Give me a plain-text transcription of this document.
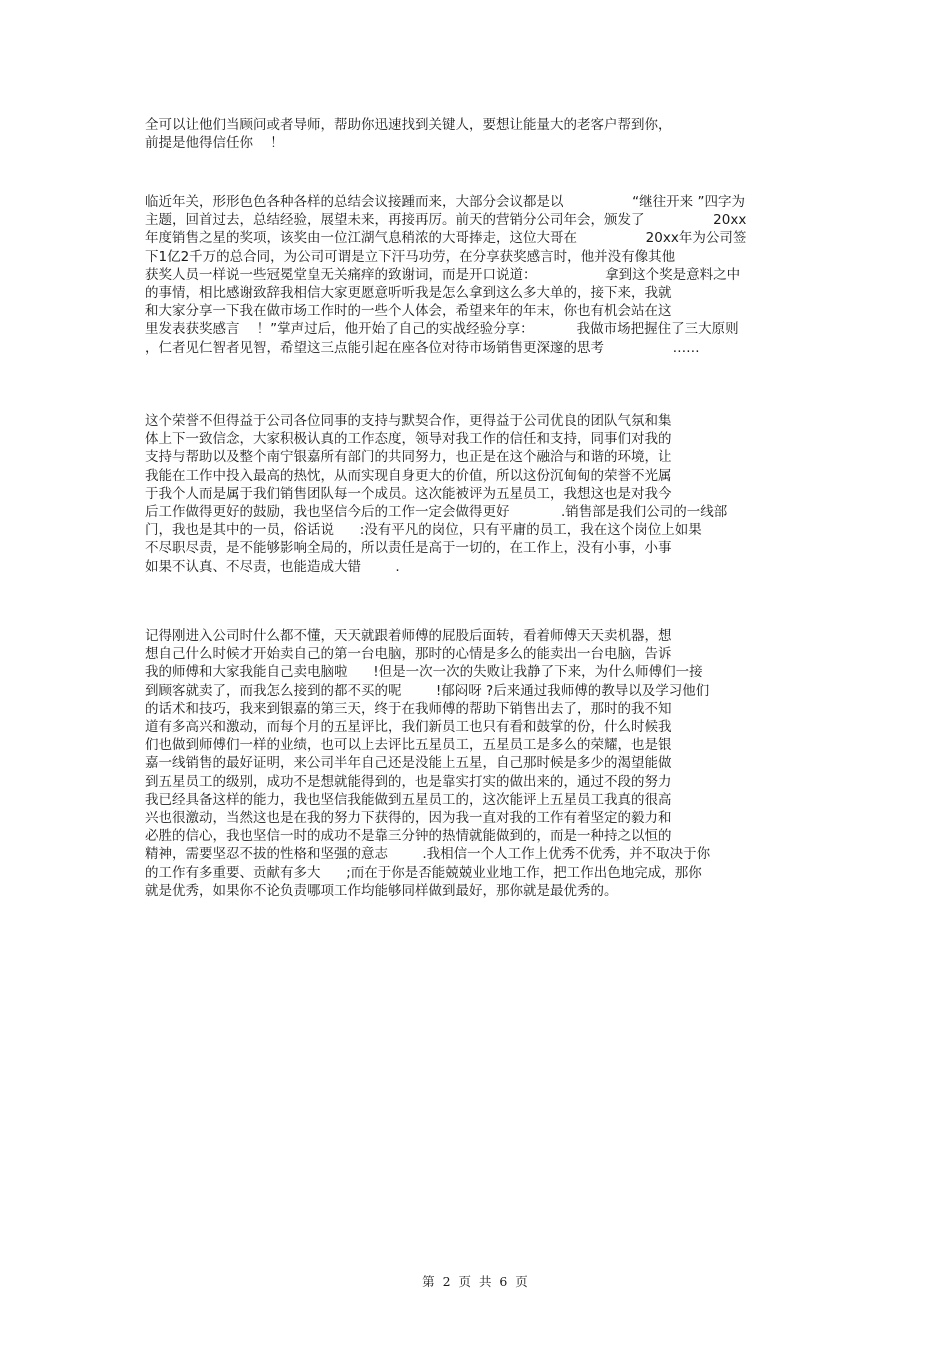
全可以让他们当顾问或者导师，帮助你迅速找到关键人，要想让能量大的老客户帮到你，
前提是他得信任你    ！
临近年关，形形色色各种各样的总结会议接踵而来，大部分会议都是以                “继往开来 ”四字为
主题，回首过去，总结经验，展望未来，再接再厉。前天的营销分公司年会，颁发了                20xx
年度销售之星的奖项，该奖由一位江湖气息稍浓的大哥捧走，这位大哥在                20xx年为公司签
下1亿2千万的总合同，为公司可谓是立下汗马功劳，在分享获奖感言时，他并没有像其他
获奖人员一样说一些冠冕堂皇无关痛痒的致谢词，而是开口说道：                拿到这个奖是意料之中
的事情，相比感谢致辞我相信大家更愿意听听我是怎么拿到这么多大单的，接下来，我就
和大家分享一下我在做市场工作时的一些个人体会，希望来年的年末，你也有机会站在这
里发表获奖感言    ！”掌声过后，他开始了自己的实战经验分享：          我做市场把握住了三大原则
，仁者见仁智者见智，希望这三点能引起在座各位对待市场销售更深邃的思考                ……
这个荣誉不但得益于公司各位同事的支持与默契合作，更得益于公司优良的团队气氛和集
体上下一致信念，大家积极认真的工作态度，领导对我工作的信任和支持，同事们对我的
支持与帮助以及整个南宁银嘉所有部门的共同努力，也正是在这个融洽与和谐的环境，让
我能在工作中投入最高的热忱，从而实现自身更大的价值，所以这份沉甸甸的荣誉不光属
于我个人而是属于我们销售团队每一个成员。这次能被评为五星员工，我想这也是对我今
后工作做得更好的鼓励，我也坚信今后的工作一定会做得更好            .销售部是我们公司的一线部
门，我也是其中的一员，俗话说      :没有平凡的岗位，只有平庸的员工，我在这个岗位上如果
不尽职尽责，是不能够影响全局的，所以责任是高于一切的，在工作上，没有小事，小事
如果不认真、不尽责，也能造成大错        .
记得刚进入公司时什么都不懂，天天就跟着师傅的屁股后面转，看着师傅天天卖机器，想
想自己什么时候才开始卖自己的第一台电脑，那时的心情是多么的能卖出一台电脑，告诉
我的师傅和大家我能自己卖电脑啦      !但是一次一次的失败让我静了下来，为什么师傅们一接
到顾客就卖了，而我怎么接到的都不买的呢        !郁闷呀 ?后来通过我师傅的教导以及学习他们
的话术和技巧，我来到银嘉的第三天，终于在我师傅的帮助下销售出去了，那时的我不知
道有多高兴和激动，而每个月的五星评比，我们新员工也只有看和鼓掌的份，什么时候我
们也做到师傅们一样的业绩，也可以上去评比五星员工，五星员工是多么的荣耀，也是银
嘉一线销售的最好证明，来公司半年自己还是没能上五星，自己那时候是多少的渴望能做
到五星员工的级别，成功不是想就能得到的，也是靠实打实的做出来的，通过不段的努力
我已经具备这样的能力，我也坚信我能做到五星员工的，这次能评上五星员工我真的很高
兴也很激动，当然这也是在我的努力下获得的，因为我一直对我的工作有着坚定的毅力和
必胜的信心，我也坚信一时的成功不是靠三分钟的热情就能做到的，而是一种持之以恒的
精神，需要坚忍不拔的性格和坚强的意志        .我相信一个人工作上优秀不优秀，并不取决于你
的工作有多重要、贡献有多大      ;而在于你是否能兢兢业业地工作，把工作出色地完成，那你
就是优秀，如果你不论负责哪项工作均能够同样做到最好，那你就是最优秀的。
第  2  页  共  6  页
